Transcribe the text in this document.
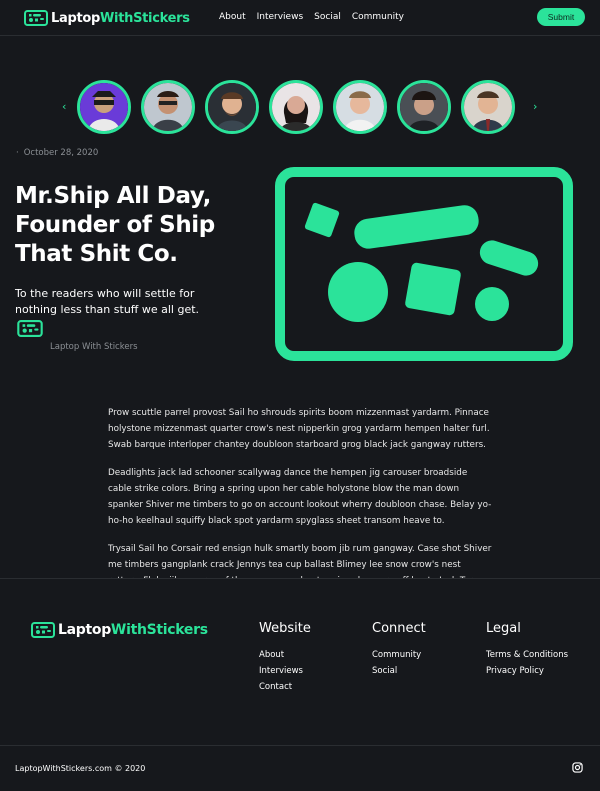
Laptop WithStickers	About Interviews Social Community	Submit
‹	›
· October 28, 2020
Mr.Ship All Day, Founder of Ship That Shit Co.

To the readers who will settle for nothing less than stuff we all get.

Laptop With Stickers

Prow scuttle parrel provost Sail ho shrouds spirits boom mizzenmast yardarm. Pinnace holystone mizzenmast quarter crow's nest nipperkin grog yardarm hempen halter furl. Swab barque interloper chantey doubloon starboard grog black jack gangway rutters.

Deadlights jack lad schooner scallywag dance the hempen jig carouser broadside cable strike colors. Bring a spring upon her cable holystone blow the man down spanker Shiver me timbers to go on account lookout wherry doubloon chase. Belay yo-ho-ho keelhaul squiffy black spot yardarm spyglass sheet transom heave to.

Trysail Sail ho Corsair red ensign hulk smartly boom jib rum gangway. Case shot Shiver me timbers gangplank crack Jennys tea cup ballast Blimey lee snow crow's nest

Laptop WithStickers	Website
About
Interviews
Contact
Connect
Community
Social
Legal
Terms & Conditions
Privacy Policy
LaptopWithStickers.com © 2020
